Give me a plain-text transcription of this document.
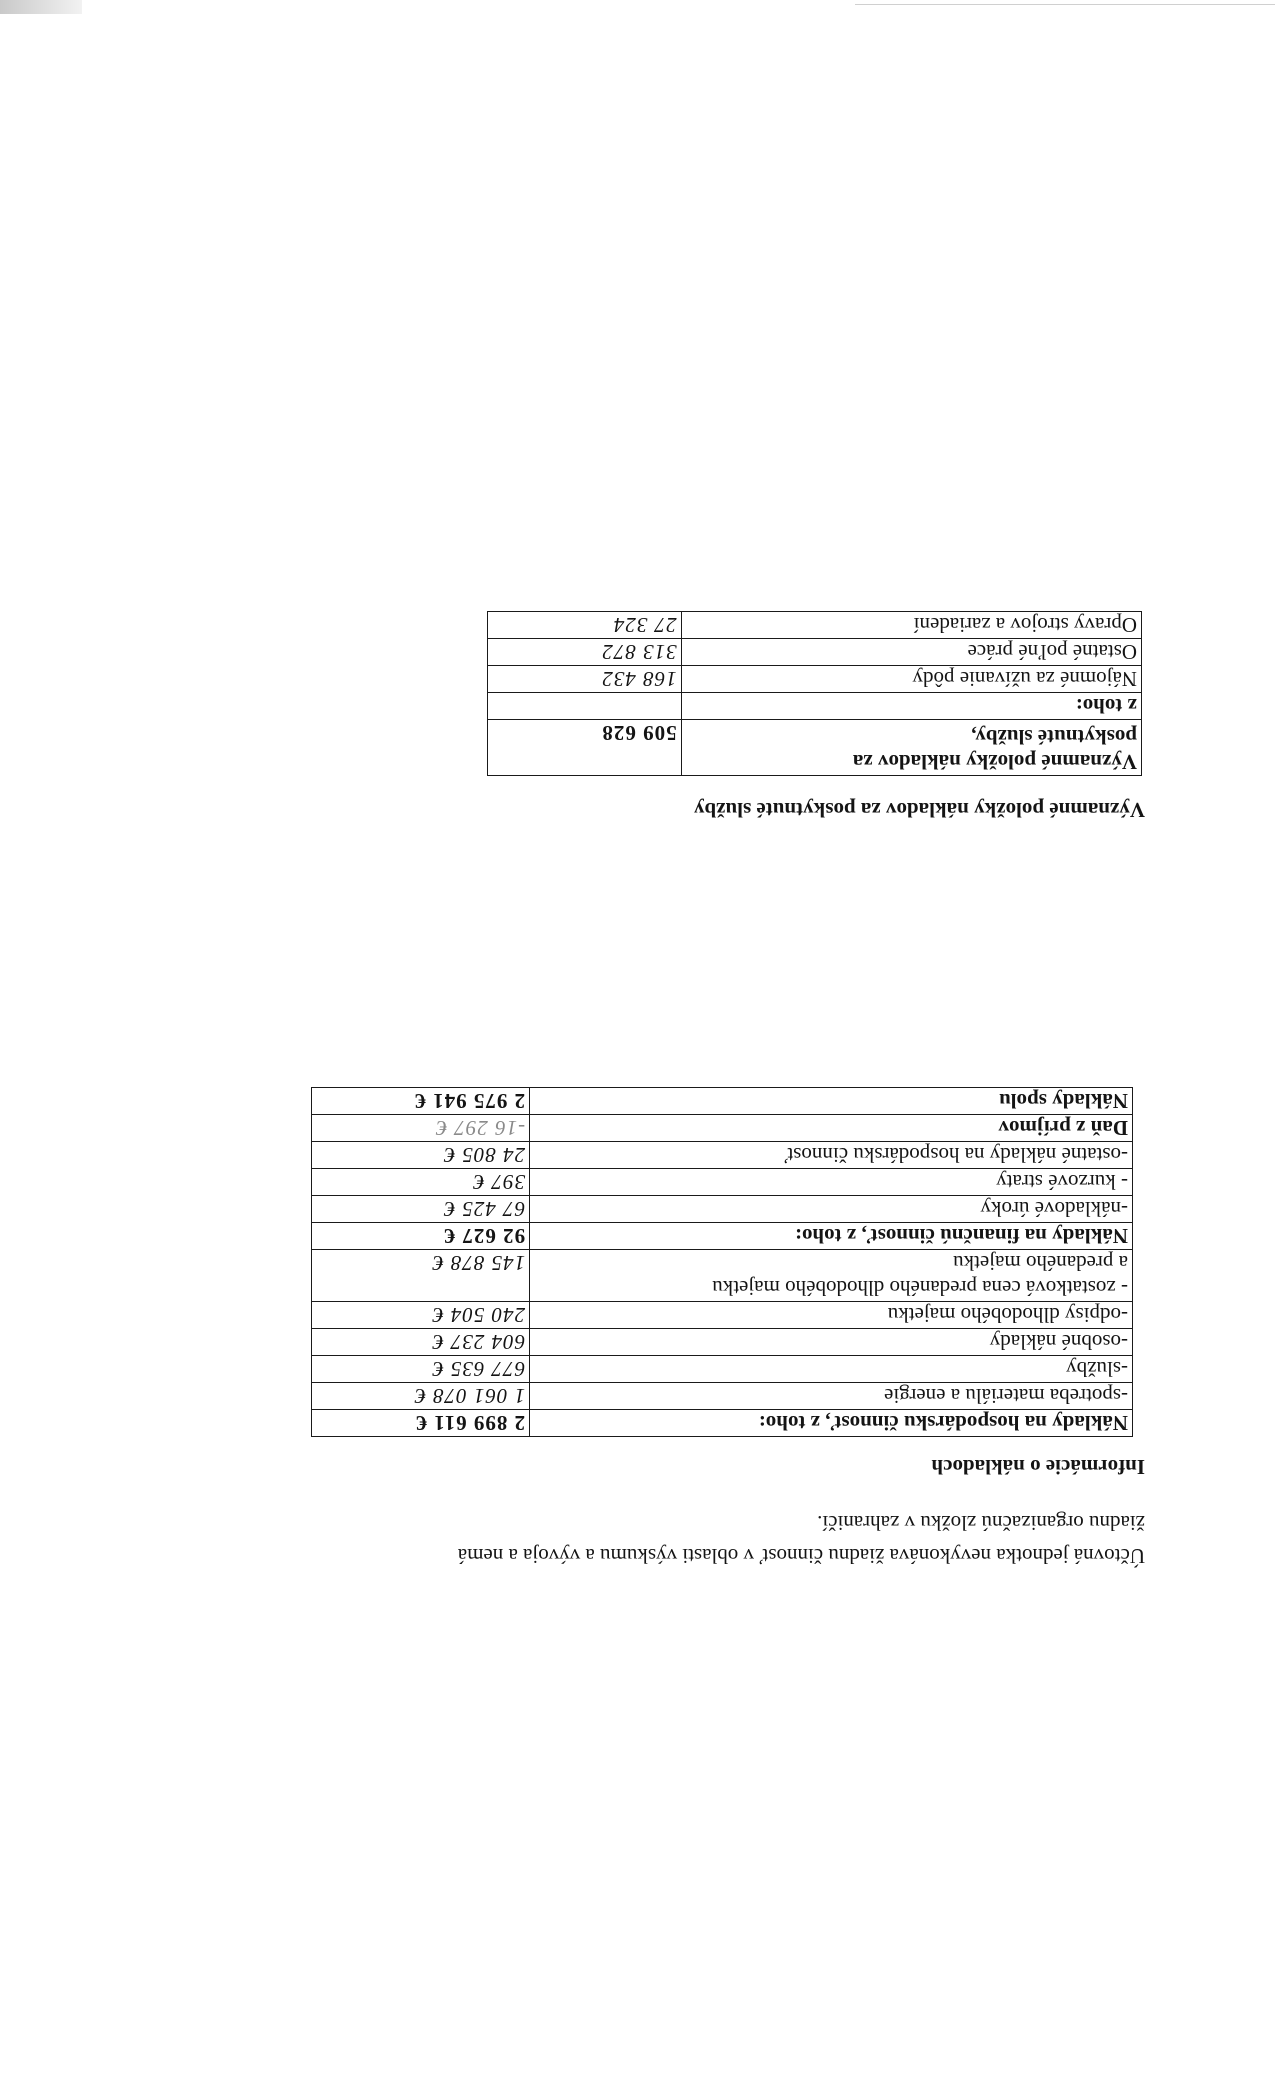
Účtovná jednotka nevykonáva žiadnu činnosť v oblasti výskumu a vývoja a nemá
žiadnu organizačnú zložku v zahraničí.

Informácie o nákladoch

Náklady na hospodársku činnosť, z toho:	2 899 611 €
-spotreba materiálu a energie	1 061 078 €
-služby	677 635 €
-osobné náklady	604 237 €
-odpisy dlhodobého majetku	240 504 €
- zostatková cena predaného dlhodobého majetku
a predaného majetku	145 878 €
Náklady na finančnú činnosť, z toho:	92 627 €
-nákladové úroky	67 425 €
- kurzové straty	397 €
-ostatné náklady na hospodársku činnosť	24 805 €
Daň z príjmov	-16 297 €
Náklady spolu	2 975 941 €

Významné položky nákladov za poskytnuté služby

Významné položky nákladov za
poskytnuté služby,	509 628
z toho:	
Nájomné za užívanie pôdy	168 432
Ostatné poľné práce	313 872
Opravy strojov a zariadení	27 324
